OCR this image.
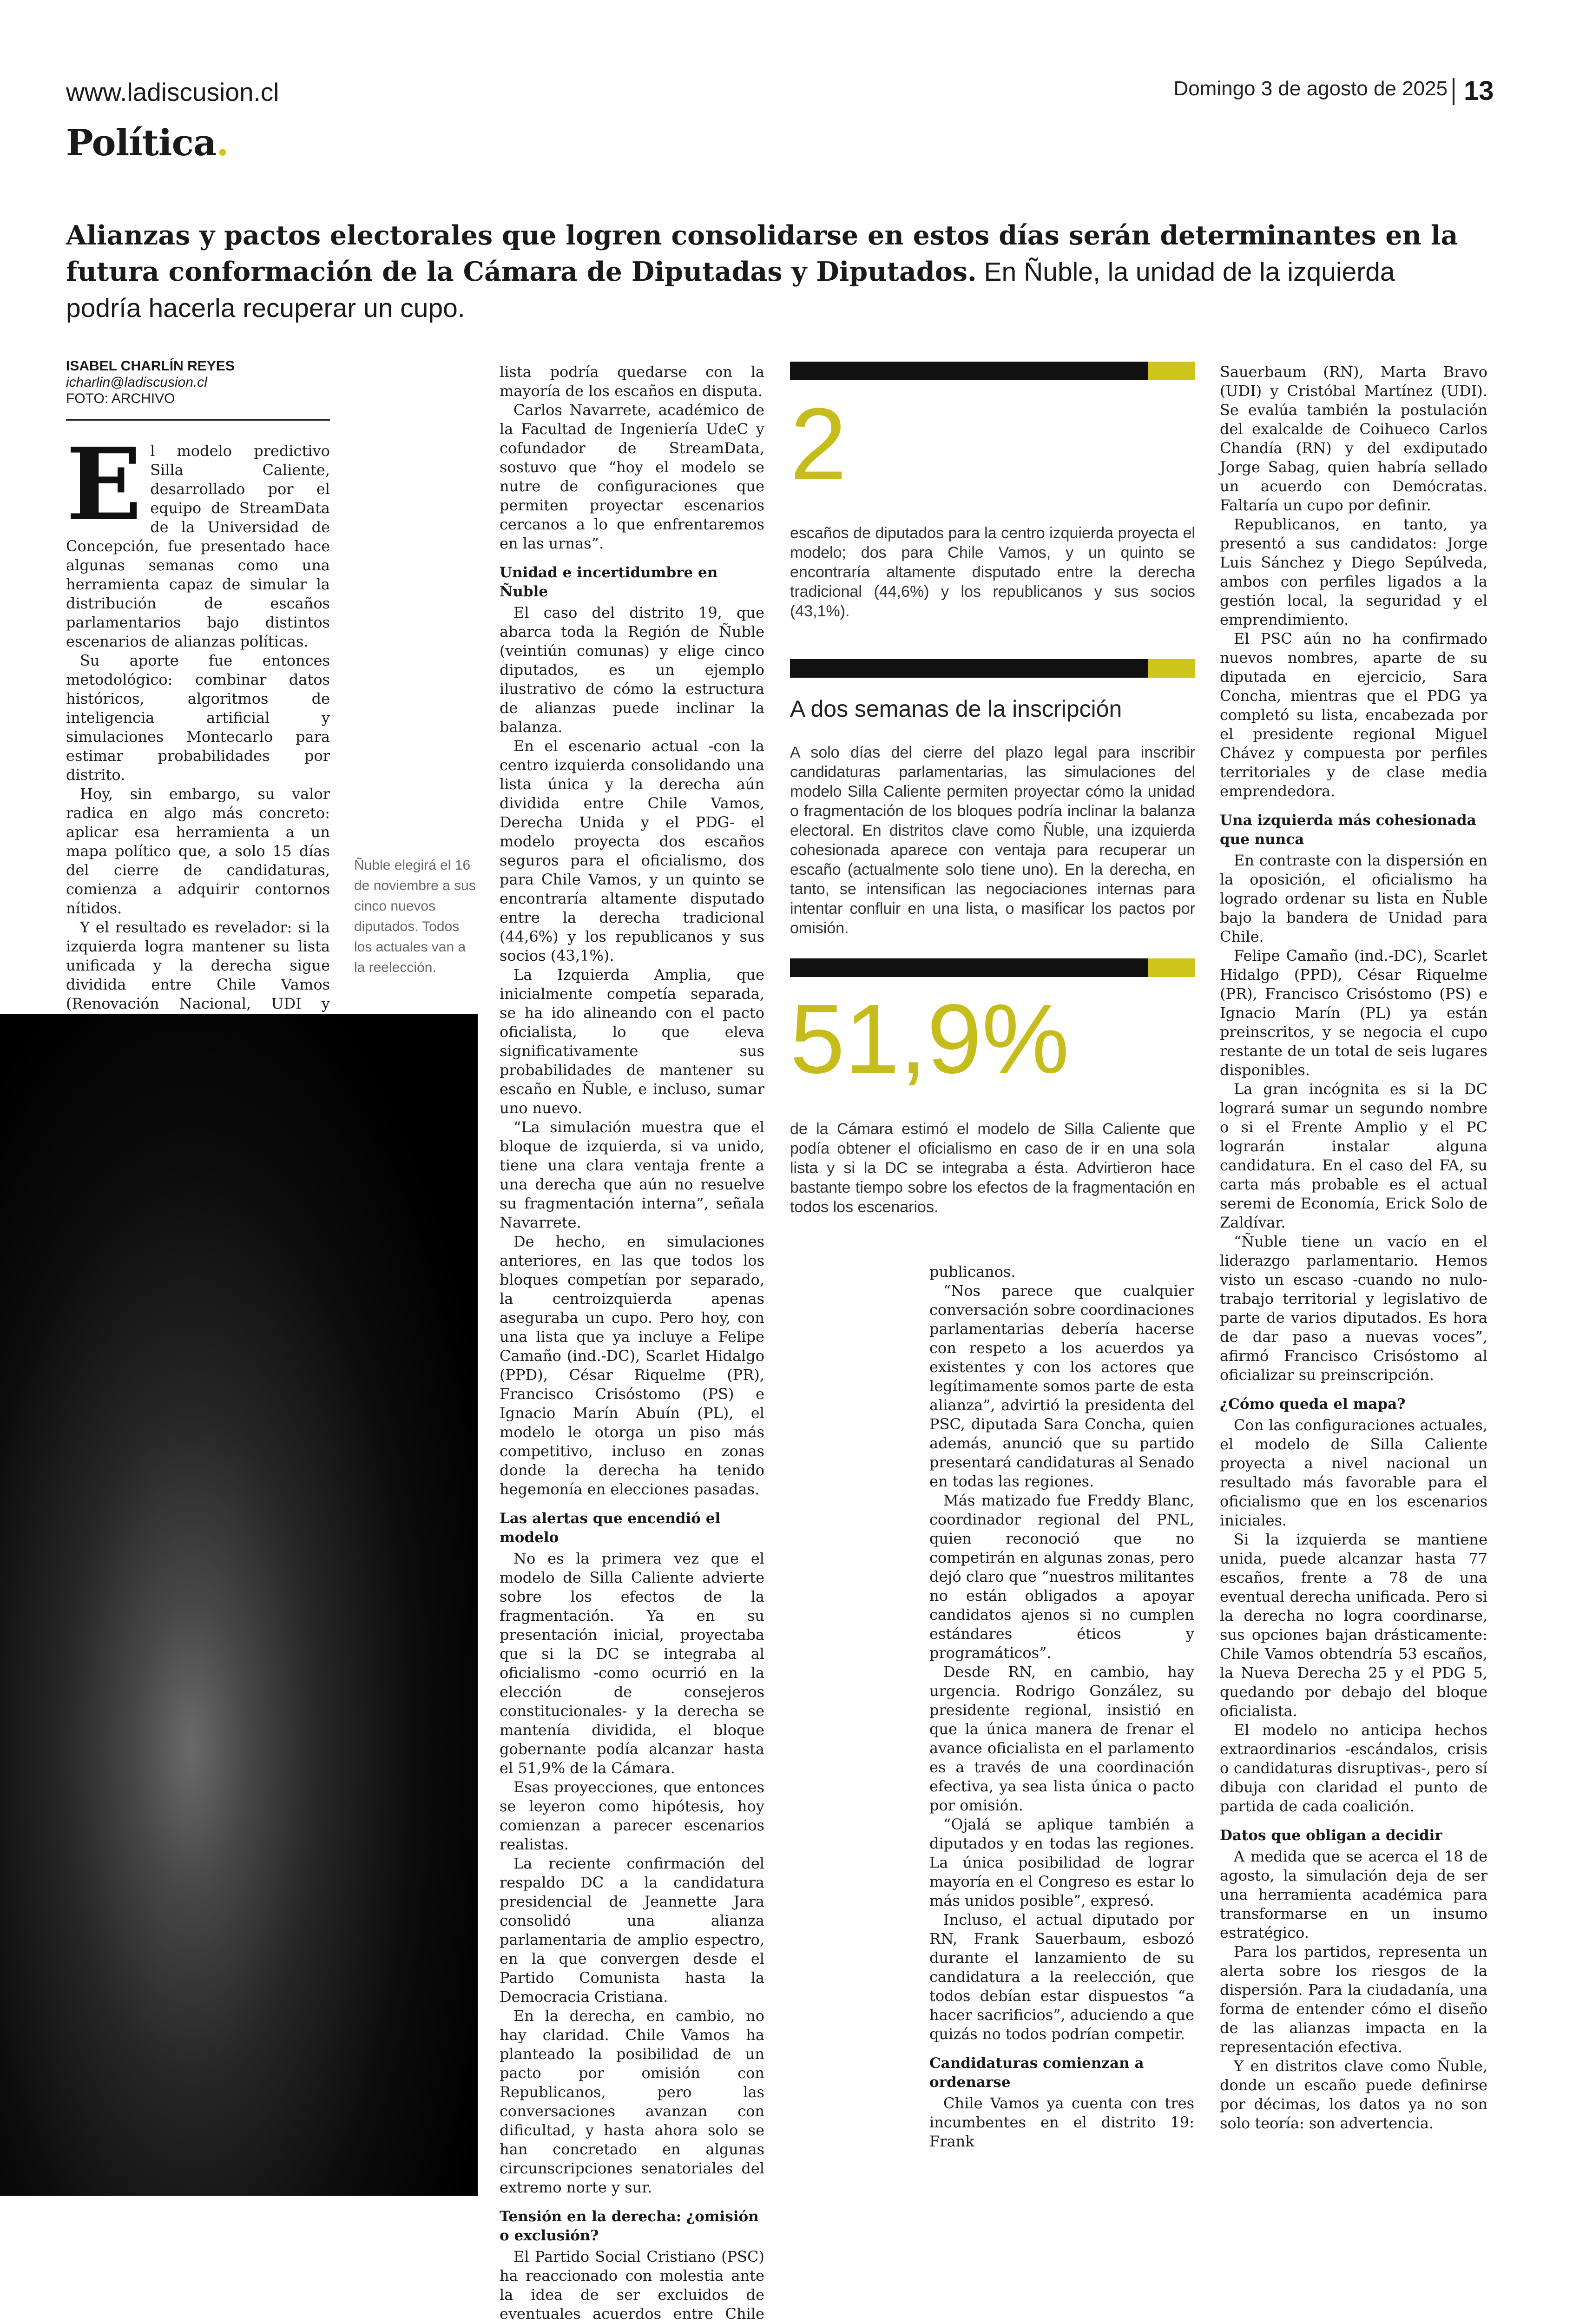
www.ladiscusion.cl	Domingo 3 de agosto de 2025 13
Política.
Alianzas y pactos electorales que logren consolidarse en estos días serán determinantes en la futura conformación de la Cámara de Diputadas y Diputados. En Ñuble, la unidad de la izquierda podría hacerla recuperar un cupo.
ISABEL CHARLÍN REYES
icharlin@ladiscusion.cl
FOTO: ARCHIVO

El modelo predictivo Silla Caliente, desarrollado por el equipo de StreamData de la Universidad de Concepción, fue presentado hace algunas semanas como una herramienta capaz de simular la distribución de escaños parlamentarios bajo distintos escenarios de alianzas políticas.

Su aporte fue entonces metodológico: combinar datos históricos, algoritmos de inteligencia artificial y simulaciones Montecarlo para estimar probabilidades por distrito.

Hoy, sin embargo, su valor radica en algo más concreto: aplicar esa herramienta a un mapa político que, a solo 15 días del cierre de candidaturas, comienza a adquirir contornos nítidos.

Y el resultado es revelador: si la izquierda logra mantener su lista unificada y la derecha sigue dividida entre Chile Vamos (Renovación Nacional, UDI y

Ñuble elegirá el 16 de noviembre a sus cinco nuevos diputados. Todos los actuales van a la reelección.

lista podría quedarse con la mayoría de los escaños en disputa.

Carlos Navarrete, académico de la Facultad de Ingeniería UdeC y cofundador de StreamData, sostuvo que “hoy el modelo se nutre de configuraciones que permiten proyectar escenarios cercanos a lo que enfrentaremos en las urnas”.

Unidad e incertidumbre en Ñuble

El caso del distrito 19, que abarca toda la Región de Ñuble (veintiún comunas) y elige cinco diputados, es un ejemplo ilustrativo de cómo la estructura de alianzas puede inclinar la balanza.

En el escenario actual -con la centro izquierda consolidando una lista única y la derecha aún dividida entre Chile Vamos, Derecha Unida y el PDG- el modelo proyecta dos escaños seguros para el oficialismo, dos para Chile Vamos, y un quinto se encontraría altamente disputado entre la derecha tradicional (44,6%) y los republicanos y sus socios (43,1%).

La Izquierda Amplia, que inicialmente competía separada, se ha ido alineando con el pacto oficialista, lo que eleva significativamente sus probabilidades de mantener su escaño en Ñuble, e incluso, sumar uno nuevo.

“La simulación muestra que el bloque de izquierda, si va unido, tiene una clara ventaja frente a una derecha que aún no resuelve su fragmentación interna”, señala Navarrete.

De hecho, en simulaciones anteriores, en las que todos los bloques competían por separado, la centroizquierda apenas aseguraba un cupo. Pero hoy, con una lista que ya incluye a Felipe Camaño (ind.-DC), Scarlet Hidalgo (PPD), César Riquelme (PR), Francisco Crisóstomo (PS) e Ignacio Marín Abuín (PL), el modelo le otorga un piso más competitivo, incluso en zonas donde la derecha ha tenido hegemonía en elecciones pasadas.

Las alertas que encendió el modelo

No es la primera vez que el modelo de Silla Caliente advierte sobre los efectos de la fragmentación. Ya en su presentación inicial, proyectaba que si la DC se integraba al oficialismo -como ocurrió en la elección de consejeros constitucionales- y la derecha se mantenía dividida, el bloque gobernante podía alcanzar hasta el 51,9% de la Cámara.

Esas proyecciones, que entonces se leyeron como hipótesis, hoy comienzan a parecer escenarios realistas.

La reciente confirmación del respaldo DC a la candidatura presidencial de Jeannette Jara consolidó una alianza parlamentaria de amplio espectro, en la que convergen desde el Partido Comunista hasta la Democracia Cristiana.

En la derecha, en cambio, no hay claridad. Chile Vamos ha planteado la posibilidad de un pacto por omisión con Republicanos, pero las conversaciones avanzan con dificultad, y hasta ahora solo se han concretado en algunas circunscripciones senatoriales del extremo norte y sur.

Tensión en la derecha: ¿omisión o exclusión?

El Partido Social Cristiano (PSC) ha reaccionado con molestia ante la idea de ser excluidos de eventuales acuerdos entre Chile

2
escaños de diputados para la centro izquierda proyecta el modelo; dos para Chile Vamos, y un quinto se encontraría altamente disputado entre la derecha tradicional (44,6%) y los republicanos y sus socios (43,1%).
A dos semanas de la inscripción
A solo días del cierre del plazo legal para inscribir candidaturas parlamentarias, las simulaciones del modelo Silla Caliente permiten proyectar cómo la unidad o fragmentación de los bloques podría inclinar la balanza electoral. En distritos clave como Ñuble, una izquierda cohesionada aparece con ventaja para recuperar un escaño (actualmente solo tiene uno). En la derecha, en tanto, se intensifican las negociaciones internas para intentar confluir en una lista, o masificar los pactos por omisión.
51,9%
de la Cámara estimó el modelo de Silla Caliente que podía obtener el oficialismo en caso de ir en una sola lista y si la DC se integraba a ésta. Advirtieron hace bastante tiempo sobre los efectos de la fragmentación en todos los escenarios.

publicanos.

“Nos parece que cualquier conversación sobre coordinaciones parlamentarias debería hacerse con respeto a los acuerdos ya existentes y con los actores que legítimamente somos parte de esta alianza”, advirtió la presidenta del PSC, diputada Sara Concha, quien además, anunció que su partido presentará candidaturas al Senado en todas las regiones.

Más matizado fue Freddy Blanc, coordinador regional del PNL, quien reconoció que no competirán en algunas zonas, pero dejó claro que “nuestros militantes no están obligados a apoyar candidatos ajenos si no cumplen estándares éticos y programáticos”.

Desde RN, en cambio, hay urgencia. Rodrigo González, su presidente regional, insistió en que la única manera de frenar el avance oficialista en el parlamento es a través de una coordinación efectiva, ya sea lista única o pacto por omisión.

“Ojalá se aplique también a diputados y en todas las regiones. La única posibilidad de lograr mayoría en el Congreso es estar lo más unidos posible”, expresó.

Incluso, el actual diputado por RN, Frank Sauerbaum, esbozó durante el lanzamiento de su candidatura a la reelección, que todos debían estar dispuestos “a hacer sacrificios”, aduciendo a que quizás no todos podrían competir.

Candidaturas comienzan a ordenarse

Chile Vamos ya cuenta con tres incumbentes en el distrito 19: Frank

Sauerbaum (RN), Marta Bravo (UDI) y Cristóbal Martínez (UDI). Se evalúa también la postulación del exalcalde de Coihueco Carlos Chandía (RN) y del exdiputado Jorge Sabag, quien habría sellado un acuerdo con Demócratas. Faltaría un cupo por definir.

Republicanos, en tanto, ya presentó a sus candidatos: Jorge Luis Sánchez y Diego Sepúlveda, ambos con perfiles ligados a la gestión local, la seguridad y el emprendimiento.

El PSC aún no ha confirmado nuevos nombres, aparte de su diputada en ejercicio, Sara Concha, mientras que el PDG ya completó su lista, encabezada por el presidente regional Miguel Chávez y compuesta por perfiles territoriales y de clase media emprendedora.

Una izquierda más cohesionada que nunca

En contraste con la dispersión en la oposición, el oficialismo ha logrado ordenar su lista en Ñuble bajo la bandera de Unidad para Chile.

Felipe Camaño (ind.-DC), Scarlet Hidalgo (PPD), César Riquelme (PR), Francisco Crisóstomo (PS) e Ignacio Marín (PL) ya están preinscritos, y se negocia el cupo restante de un total de seis lugares disponibles.

La gran incógnita es si la DC logrará sumar un segundo nombre o si el Frente Amplio y el PC lograrán instalar alguna candidatura. En el caso del FA, su carta más probable es el actual seremi de Economía, Erick Solo de Zaldívar.

“Ñuble tiene un vacío en el liderazgo parlamentario. Hemos visto un escaso -cuando no nulo- trabajo territorial y legislativo de parte de varios diputados. Es hora de dar paso a nuevas voces”, afirmó Francisco Crisóstomo al oficializar su preinscripción.

¿Cómo queda el mapa?

Con las configuraciones actuales, el modelo de Silla Caliente proyecta a nivel nacional un resultado más favorable para el oficialismo que en los escenarios iniciales.

Si la izquierda se mantiene unida, puede alcanzar hasta 77 escaños, frente a 78 de una eventual derecha unificada. Pero si la derecha no logra coordinarse, sus opciones bajan drásticamente: Chile Vamos obtendría 53 escaños, la Nueva Derecha 25 y el PDG 5, quedando por debajo del bloque oficialista.

El modelo no anticipa hechos extraordinarios -escándalos, crisis o candidaturas disruptivas-, pero sí dibuja con claridad el punto de partida de cada coalición.

Datos que obligan a decidir

A medida que se acerca el 18 de agosto, la simulación deja de ser una herramienta académica para transformarse en un insumo estratégico.

Para los partidos, representa un alerta sobre los riesgos de la dispersión. Para la ciudadanía, una forma de entender cómo el diseño de las alianzas impacta en la representación efectiva.

Y en distritos clave como Ñuble, donde un escaño puede definirse por décimas, los datos ya no son solo teoría: son advertencia.
